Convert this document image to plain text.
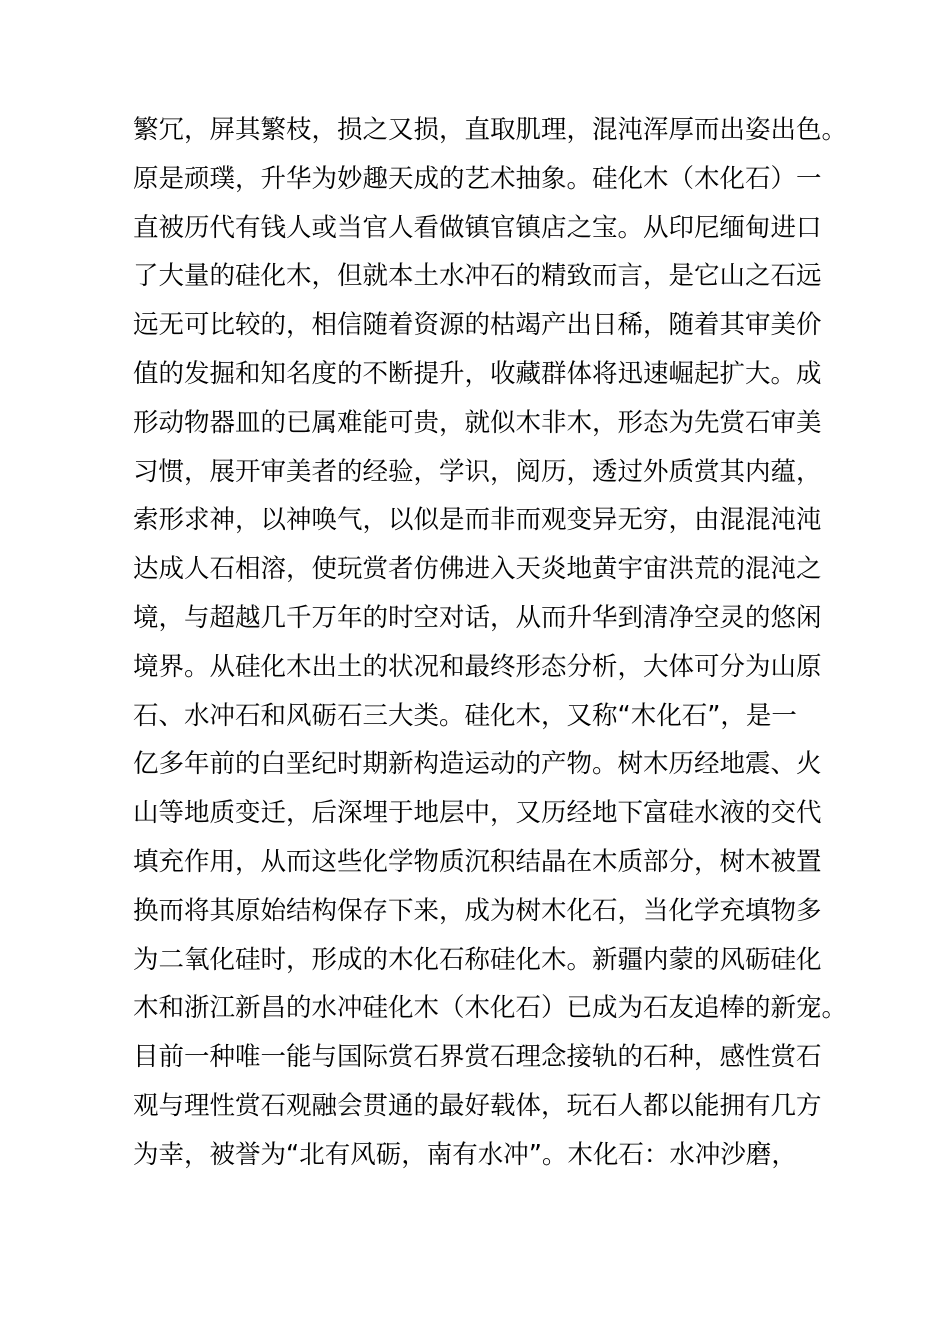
繁冗，屏其繁枝，损之又损，直取肌理，混沌浑厚而出姿出色。
原是顽璞，升华为妙趣天成的艺术抽象。硅化木（木化石）一
直被历代有钱人或当官人看做镇官镇店之宝。从印尼缅甸进口
了大量的硅化木，但就本土水冲石的精致而言，是它山之石远
远无可比较的，相信随着资源的枯竭产出日稀，随着其审美价
值的发掘和知名度的不断提升，收藏群体将迅速崛起扩大。成
形动物器皿的已属难能可贵，就似木非木，形态为先赏石审美
习惯，展开审美者的经验，学识，阅历，透过外质赏其内蕴，
索形求神，以神唤气，以似是而非而观变异无穷，由混混沌沌
达成人石相溶，使玩赏者仿佛进入天炎地黄宇宙洪荒的混沌之
境，与超越几千万年的时空对话，从而升华到清净空灵的悠闲
境界。从硅化木出土的状况和最终形态分析，大体可分为山原
石、水冲石和风砺石三大类。硅化木，又称“木化石”，是一
亿多年前的白垩纪时期新构造运动的产物。树木历经地震、火
山等地质变迁，后深埋于地层中，又历经地下富硅水液的交代
填充作用，从而这些化学物质沉积结晶在木质部分，树木被置
换而将其原始结构保存下来，成为树木化石，当化学充填物多
为二氧化硅时，形成的木化石称硅化木。新疆内蒙的风砺硅化
木和浙江新昌的水冲硅化木（木化石）已成为石友追棒的新宠。
目前一种唯一能与国际赏石界赏石理念接轨的石种，感性赏石
观与理性赏石观融会贯通的最好载体，玩石人都以能拥有几方
为幸，被誉为“北有风砺，南有水冲”。木化石：水冲沙磨，
